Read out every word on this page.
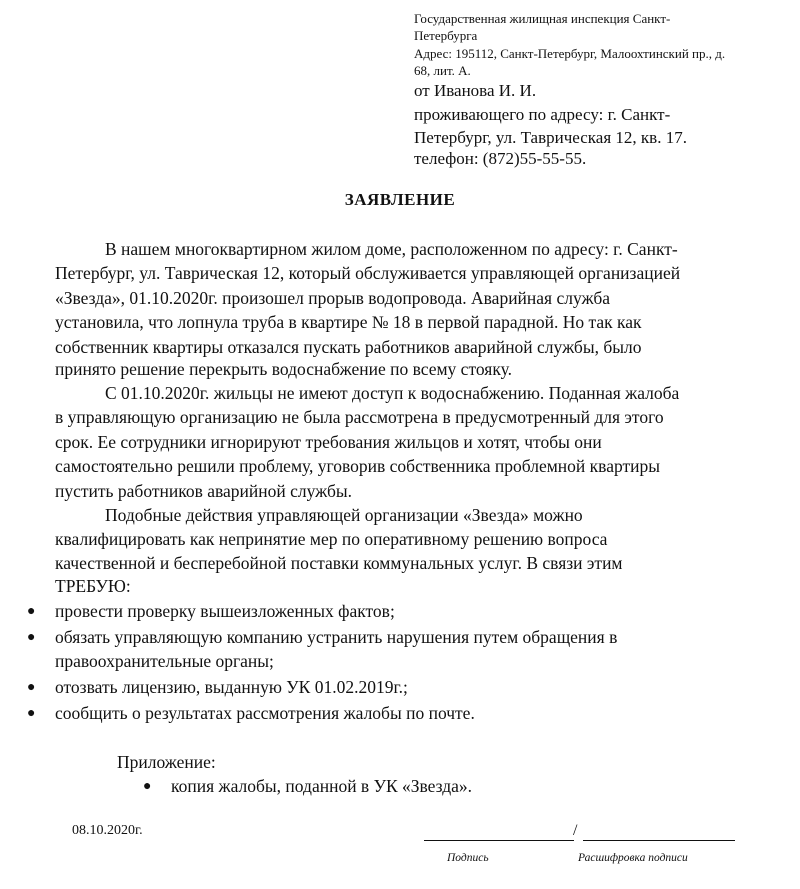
Государственная жилищная инспекция Санкт-
Петербурга
Адрес: 195112, Санкт-Петербург, Малоохтинский пр., д.
68, лит. А.
от Иванова И. И.
проживающего по адресу: г. Санкт-
Петербург, ул. Таврическая 12, кв. 17.
телефон: (872)55-55-55.
ЗАЯВЛЕНИЕ
В нашем многоквартирном жилом доме, расположенном по адресу: г. Санкт-
Петербург, ул. Таврическая 12, который обслуживается управляющей организацией
«Звезда», 01.10.2020г. произошел прорыв водопровода. Аварийная служба
установила, что лопнула труба в квартире № 18 в первой парадной. Но так как
собственник квартиры отказался пускать работников аварийной службы, было
принято решение перекрыть водоснабжение по всему стояку.
С 01.10.2020г. жильцы не имеют доступ к водоснабжению. Поданная жалоба
в управляющую организацию не была рассмотрена в предусмотренный для этого
срок. Ее сотрудники игнорируют требования жильцов и хотят, чтобы они
самостоятельно решили проблему, уговорив собственника проблемной квартиры
пустить работников аварийной службы.
Подобные действия управляющей организации «Звезда» можно
квалифицировать как непринятие мер по оперативному решению вопроса
качественной и бесперебойной поставки коммунальных услуг. В связи этим
ТРЕБУЮ:
● провести проверку вышеизложенных фактов;
● обязать управляющую компанию устранить нарушения путем обращения в
правоохранительные органы;
● отозвать лицензию, выданную УК 01.02.2019г.;
● сообщить о результатах рассмотрения жалобы по почте.
Приложение:
● копия жалобы, поданной в УК «Звезда».
08.10.2020г.	/
Подпись	Расшифровка подписи
